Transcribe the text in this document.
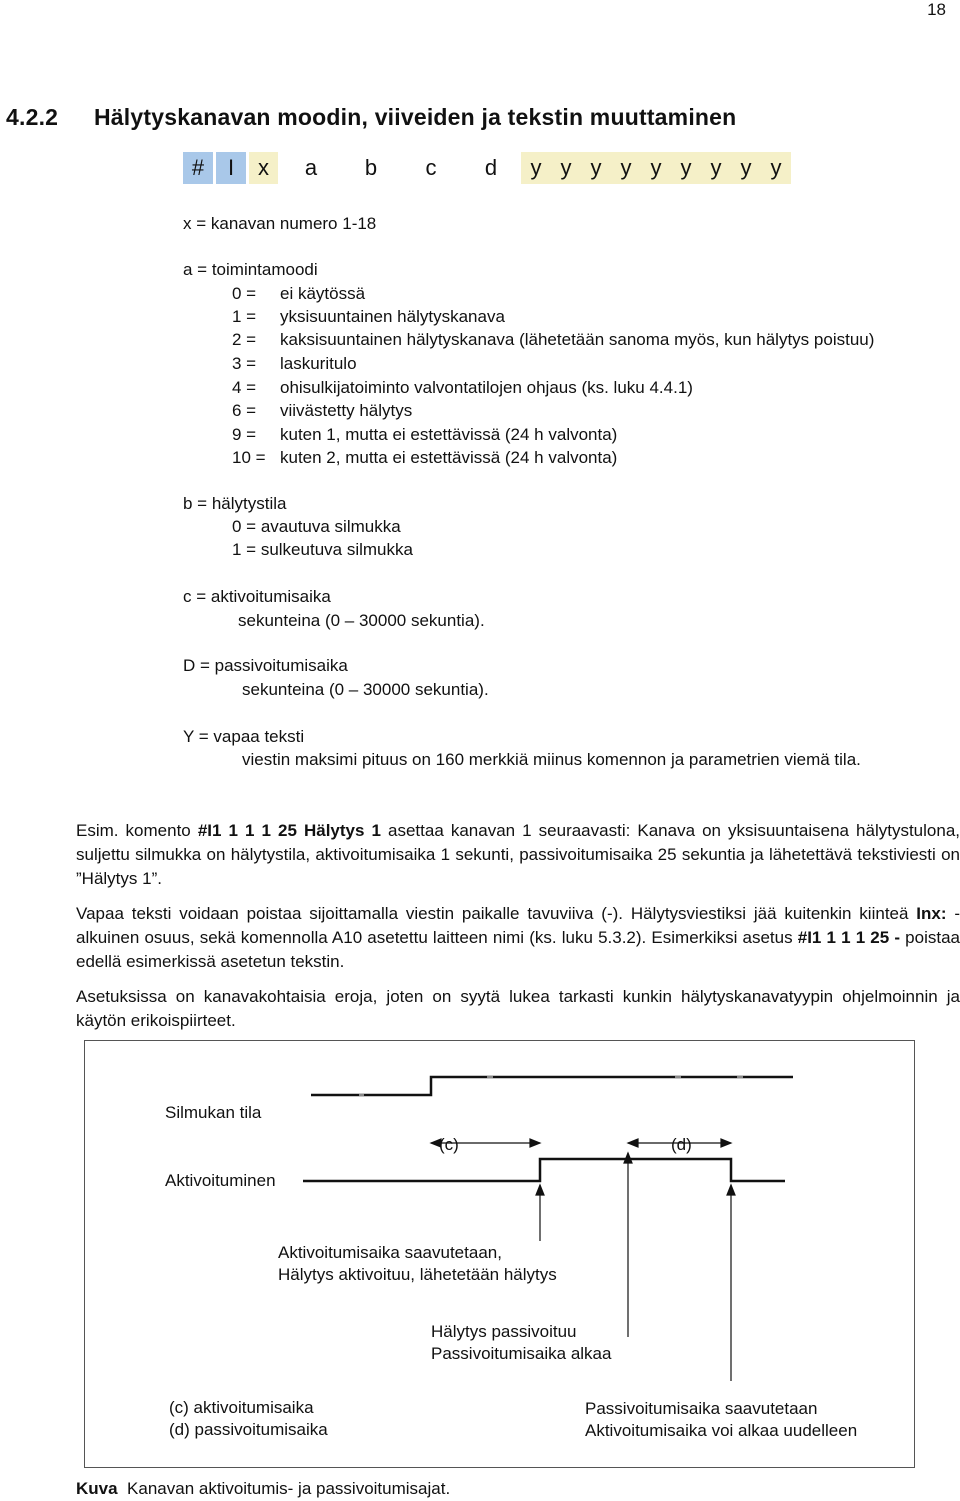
18
4.2.2 Hälytyskanavan moodin, viiveiden ja tekstin muuttaminen
#	I	x	a	b	c	d	y y y y y y y y y
x = kanavan numero 1-18
a = toimintamoodi
0 = ei käytössä
1 = yksisuuntainen hälytyskanava
2 = kaksisuuntainen hälytyskanava (lähetetään sanoma myös, kun hälytys poistuu)
3 = laskuritulo
4 = ohisulkijatoiminto valvontatilojen ohjaus (ks. luku 4.4.1)
6 = viivästetty hälytys
9 = kuten 1, mutta ei estettävissä (24 h valvonta)
10 = kuten 2, mutta ei estettävissä (24 h valvonta)
b = hälytystila
0 = avautuva silmukka
1 = sulkeutuva silmukka
c = aktivoitumisaika
sekunteina (0 – 30000 sekuntia).
D = passivoitumisaika
sekunteina (0 – 30000 sekuntia).
Y = vapaa teksti
viestin maksimi pituus on 160 merkkiä miinus komennon ja parametrien viemä tila.
Esim. komento #I1 1 1 1 25 Hälytys 1 asettaa kanavan 1 seuraavasti: Kanava on yksisuuntaisena hälytystulona, suljettu silmukka on hälytystila, aktivoitumisaika 1 sekunti, passivoitumisaika 25 sekuntia ja lähetettävä tekstiviesti on ”Hälytys 1”.
Vapaa teksti voidaan poistaa sijoittamalla viestin paikalle tavuviiva (-). Hälytysviestiksi jää kuitenkin kiinteä Inx: -alkuinen osuus, sekä komennolla A10 asetettu laitteen nimi (ks. luku 5.3.2). Esimerkiksi asetus #I1 1 1 1 25 - poistaa edellä esimerkissä asetetun tekstin.
Asetuksissa on kanavakohtaisia eroja, joten on syytä lukea tarkasti kunkin hälytyskanavatyypin ohjelmoinnin ja käytön erikoispiirteet.
Silmukan tila
Aktivoituminen
(c)	(d)
Aktivoitumisaika saavutetaan,
Hälytys aktivoituu, lähetetään hälytys
Hälytys passivoituu
Passivoitumisaika alkaa
(c) aktivoitumisaika
(d) passivoitumisaika
Passivoitumisaika saavutetaan
Aktivoitumisaika voi alkaa uudelleen
Kuva Kanavan aktivoitumis- ja passivoitumisajat.
